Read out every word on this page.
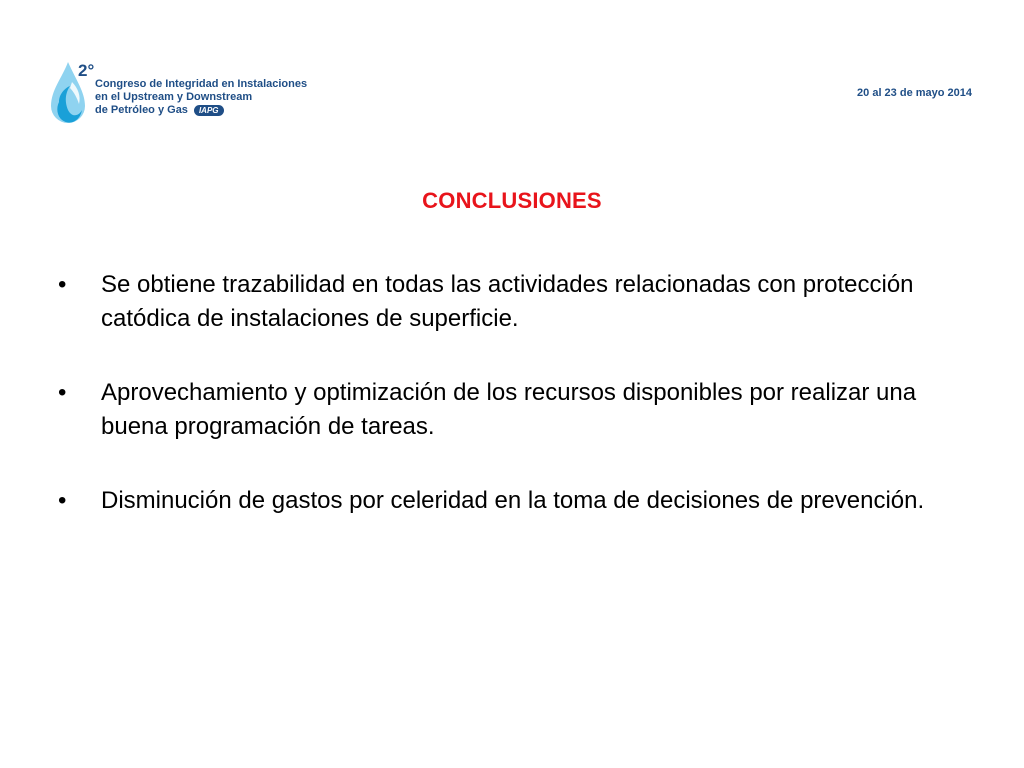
2°
Congreso de Integridad en Instalaciones
en el Upstream y Downstream
de Petróleo y Gas IAPG
20 al 23 de mayo 2014
CONCLUSIONES
• Se obtiene trazabilidad en todas las actividades relacionadas con protección catódica de instalaciones de superficie.
• Aprovechamiento y optimización de los recursos disponibles por realizar una buena programación de tareas.
• Disminución de gastos por celeridad en la toma de decisiones de prevención.
